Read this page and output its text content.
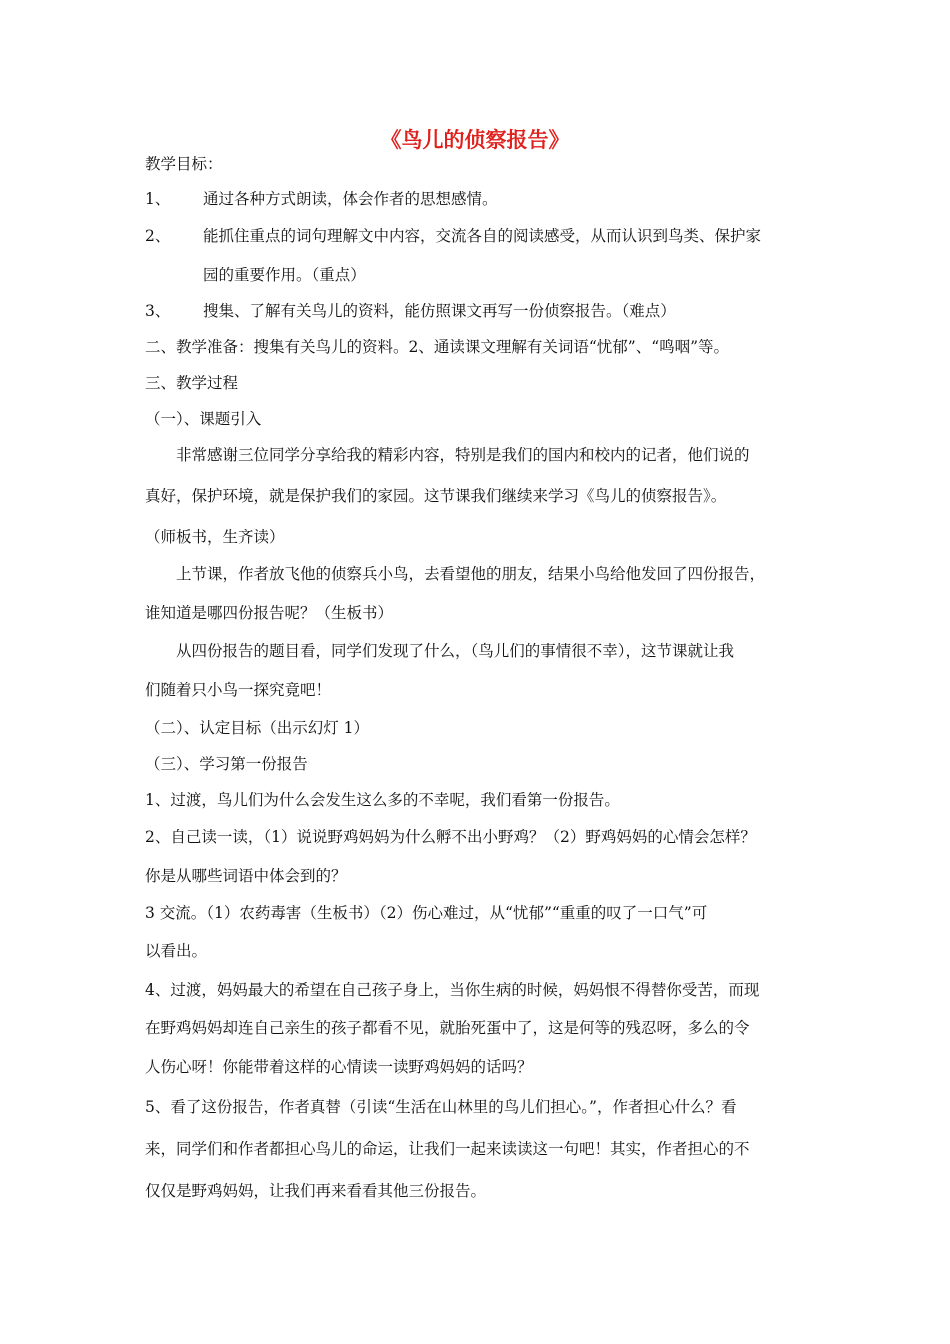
《鸟儿的侦察报告》
教学目标：
1、 通过各种方式朗读，体会作者的思想感情。
2、 能抓住重点的词句理解文中内容，交流各自的阅读感受，从而认识到鸟类、保护家
园的重要作用。（重点）
3、 搜集、了解有关鸟儿的资料，能仿照课文再写一份侦察报告。（难点）
二、教学准备：搜集有关鸟儿的资料。2、通读课文理解有关词语“忧郁”、“鸣咽”等。
三、教学过程
（一）、课题引入
非常感谢三位同学分享给我的精彩内容，特别是我们的国内和校内的记者，他们说的
真好，保护环境，就是保护我们的家园。这节课我们继续来学习《鸟儿的侦察报告》。
（师板书，生齐读）
上节课，作者放飞他的侦察兵小鸟，去看望他的朋友，结果小鸟给他发回了四份报告，
谁知道是哪四份报告呢？（生板书）
从四份报告的题目看，同学们发现了什么，（鸟儿们的事情很不幸），这节课就让我
们随着只小鸟一探究竟吧！
（二）、认定目标（出示幻灯 1）
（三）、学习第一份报告
1、过渡，鸟儿们为什么会发生这么多的不幸呢，我们看第一份报告。
2、自己读一读，（1）说说野鸡妈妈为什么孵不出小野鸡？（2）野鸡妈妈的心情会怎样？
你是从哪些词语中体会到的？
3 交流。（1）农药毒害（生板书）（2）伤心难过，从“忧郁”“重重的叹了一口气”可
以看出。
4、过渡，妈妈最大的希望在自己孩子身上，当你生病的时候，妈妈恨不得替你受苦，而现
在野鸡妈妈却连自己亲生的孩子都看不见，就胎死蛋中了，这是何等的残忍呀，多么的令
人伤心呀！你能带着这样的心情读一读野鸡妈妈的话吗？
5、看了这份报告，作者真替（引读“生活在山林里的鸟儿们担心。”，作者担心什么？看
来，同学们和作者都担心鸟儿的命运，让我们一起来读读这一句吧！其实，作者担心的不
仅仅是野鸡妈妈，让我们再来看看其他三份报告。
